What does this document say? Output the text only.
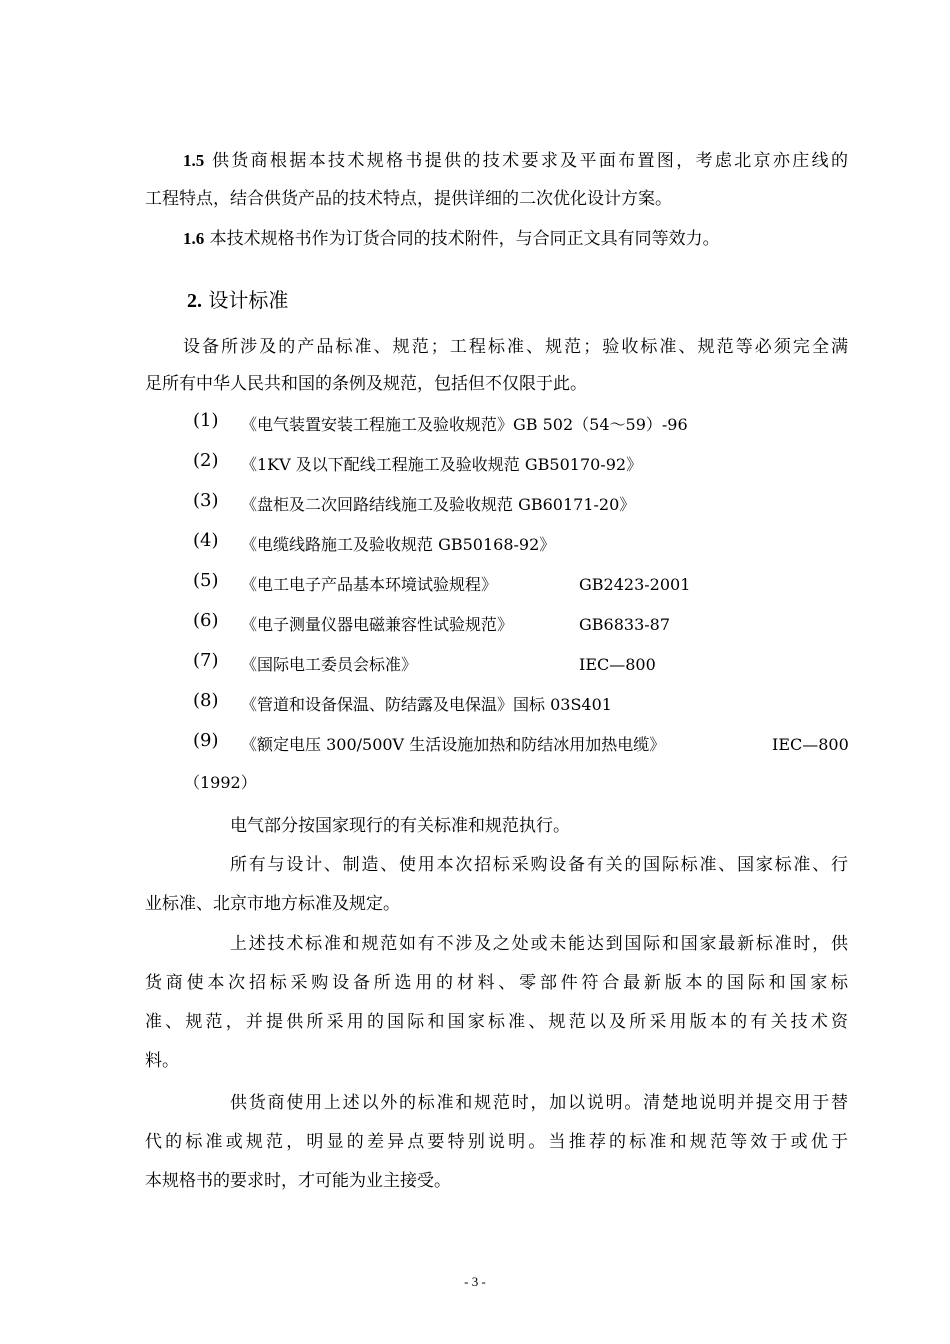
1.5 供货商根据本技术规格书提供的技术要求及平面布置图，考虑北京亦庄线的
工程特点，结合供货产品的技术特点，提供详细的二次优化设计方案。
1.6 本技术规格书作为订货合同的技术附件，与合同正文具有同等效力。
2. 设计标准
设备所涉及的产品标准、规范；工程标准、规范；验收标准、规范等必须完全满
足所有中华人民共和国的条例及规范，包括但不仅限于此。
(1) 《电气装置安装工程施工及验收规范》GB 502（54～59）-96
(2) 《1KV 及以下配线工程施工及验收规范 GB50170-92》
(3) 《盘柜及二次回路结线施工及验收规范 GB60171-20》
(4) 《电缆线路施工及验收规范 GB50168-92》
(5) 《电工电子产品基本环境试验规程》	GB2423-2001
(6) 《电子测量仪器电磁兼容性试验规范》	GB6833-87
(7) 《国际电工委员会标准》	IEC—800
(8) 《管道和设备保温、防结露及电保温》国标 03S401
(9) 《额定电压 300/500V 生活设施加热和防结冰用加热电缆》	IEC—800
（1992）
电气部分按国家现行的有关标准和规范执行。
所有与设计、制造、使用本次招标采购设备有关的国际标准、国家标准、行
业标准、北京市地方标准及规定。
上述技术标准和规范如有不涉及之处或未能达到国际和国家最新标准时，供
货商使本次招标采购设备所选用的材料、零部件符合最新版本的国际和国家标
准、规范，并提供所采用的国际和国家标准、规范以及所采用版本的有关技术资
料。
供货商使用上述以外的标准和规范时，加以说明。清楚地说明并提交用于替
代的标准或规范，明显的差异点要特别说明。当推荐的标准和规范等效于或优于
本规格书的要求时，才可能为业主接受。
- 3 -
